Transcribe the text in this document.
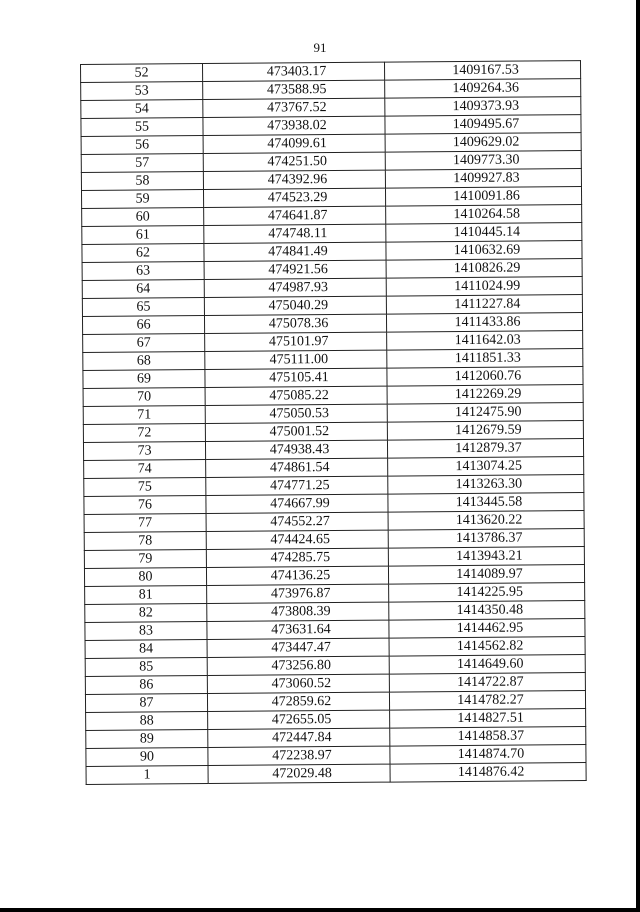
91
52	473403.17	1409167.53
53	473588.95	1409264.36
54	473767.52	1409373.93
55	473938.02	1409495.67
56	474099.61	1409629.02
57	474251.50	1409773.30
58	474392.96	1409927.83
59	474523.29	1410091.86
60	474641.87	1410264.58
61	474748.11	1410445.14
62	474841.49	1410632.69
63	474921.56	1410826.29
64	474987.93	1411024.99
65	475040.29	1411227.84
66	475078.36	1411433.86
67	475101.97	1411642.03
68	475111.00	1411851.33
69	475105.41	1412060.76
70	475085.22	1412269.29
71	475050.53	1412475.90
72	475001.52	1412679.59
73	474938.43	1412879.37
74	474861.54	1413074.25
75	474771.25	1413263.30
76	474667.99	1413445.58
77	474552.27	1413620.22
78	474424.65	1413786.37
79	474285.75	1413943.21
80	474136.25	1414089.97
81	473976.87	1414225.95
82	473808.39	1414350.48
83	473631.64	1414462.95
84	473447.47	1414562.82
85	473256.80	1414649.60
86	473060.52	1414722.87
87	472859.62	1414782.27
88	472655.05	1414827.51
89	472447.84	1414858.37
90	472238.97	1414874.70
1	472029.48	1414876.42
